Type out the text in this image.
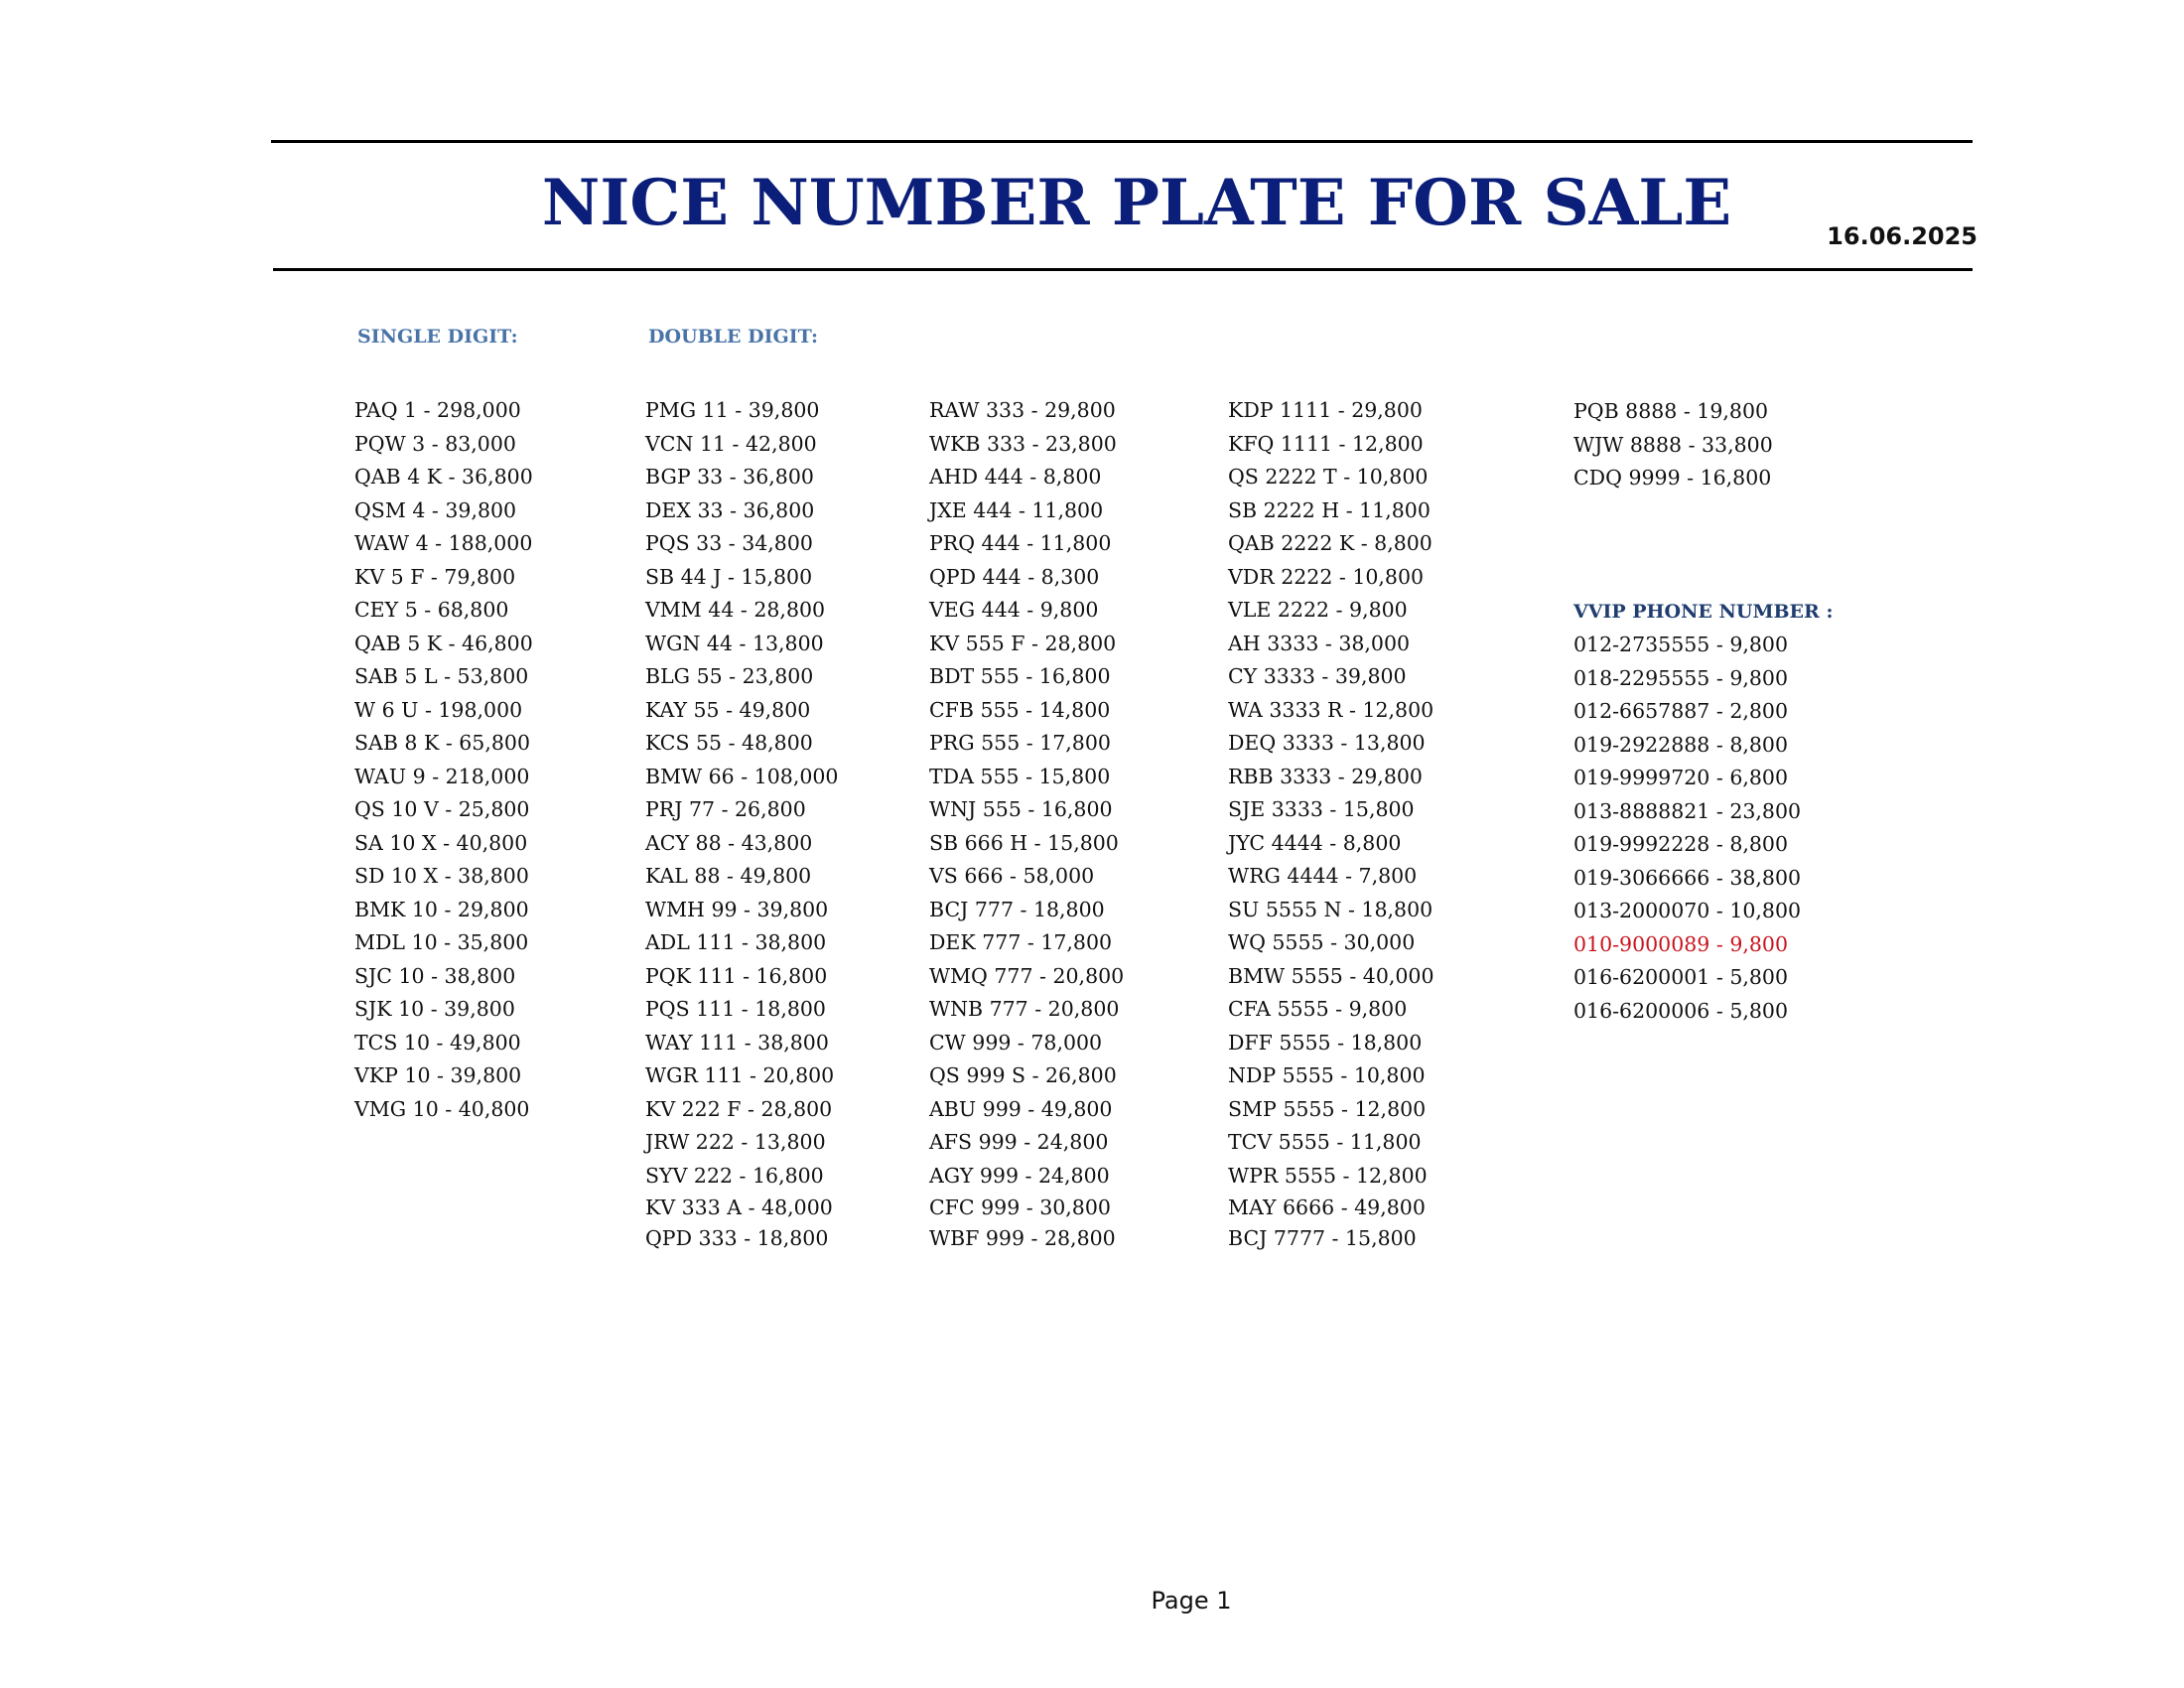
NICE NUMBER PLATE FOR SALE	16.06.2025
SINGLE DIGIT:	DOUBLE DIGIT:
VVIP PHONE NUMBER :
PAQ 1 - 298,000
PQW 3 - 83,000
QAB 4 K - 36,800
QSM 4 - 39,800
WAW 4 - 188,000
KV 5 F - 79,800
CEY 5 - 68,800
QAB 5 K - 46,800
SAB 5 L - 53,800
W 6 U - 198,000
SAB 8 K - 65,800
WAU 9 - 218,000
QS 10 V - 25,800
SA 10 X - 40,800
SD 10 X - 38,800
BMK 10 - 29,800
MDL 10 - 35,800
SJC 10 - 38,800
SJK 10 - 39,800
TCS 10 - 49,800
VKP 10 - 39,800
VMG 10 - 40,800
PMG 11 - 39,800
VCN 11 - 42,800
BGP 33 - 36,800
DEX 33 - 36,800
PQS 33 - 34,800
SB 44 J - 15,800
VMM 44 - 28,800
WGN 44 - 13,800
BLG 55 - 23,800
KAY 55 - 49,800
KCS 55 - 48,800
BMW 66 - 108,000
PRJ 77 - 26,800
ACY 88 - 43,800
KAL 88 - 49,800
WMH 99 - 39,800
ADL 111 - 38,800
PQK 111 - 16,800
PQS 111 - 18,800
WAY 111 - 38,800
WGR 111 - 20,800
KV 222 F - 28,800
JRW 222 - 13,800
SYV 222 - 16,800
KV 333 A - 48,000
QPD 333 - 18,800
RAW 333 - 29,800
WKB 333 - 23,800
AHD 444 - 8,800
JXE 444 - 11,800
PRQ 444 - 11,800
QPD 444 - 8,300
VEG 444 - 9,800
KV 555 F - 28,800
BDT 555 - 16,800
CFB 555 - 14,800
PRG 555 - 17,800
TDA 555 - 15,800
WNJ 555 - 16,800
SB 666 H - 15,800
VS 666 - 58,000
BCJ 777 - 18,800
DEK 777 - 17,800
WMQ 777 - 20,800
WNB 777 - 20,800
CW 999 - 78,000
QS 999 S - 26,800
ABU 999 - 49,800
AFS 999 - 24,800
AGY 999 - 24,800
CFC 999 - 30,800
WBF 999 - 28,800
KDP 1111 - 29,800
KFQ 1111 - 12,800
QS 2222 T - 10,800
SB 2222 H - 11,800
QAB 2222 K - 8,800
VDR 2222 - 10,800
VLE 2222 - 9,800
AH 3333 - 38,000
CY 3333 - 39,800
WA 3333 R - 12,800
DEQ 3333 - 13,800
RBB 3333 - 29,800
SJE 3333 - 15,800
JYC 4444 - 8,800
WRG 4444 - 7,800
SU 5555 N - 18,800
WQ 5555 - 30,000
BMW 5555 - 40,000
CFA 5555 - 9,800
DFF 5555 - 18,800
NDP 5555 - 10,800
SMP 5555 - 12,800
TCV 5555 - 11,800
WPR 5555 - 12,800
MAY 6666 - 49,800
BCJ 7777 - 15,800
PQB 8888 - 19,800
WJW 8888 - 33,800
CDQ 9999 - 16,800
012-2735555 - 9,800
018-2295555 - 9,800
012-6657887 - 2,800
019-2922888 - 8,800
019-9999720 - 6,800
013-8888821 - 23,800
019-9992228 - 8,800
019-3066666 - 38,800
013-2000070 - 10,800
010-9000089 - 9,800
016-6200001 - 5,800
016-6200006 - 5,800
Page 1
